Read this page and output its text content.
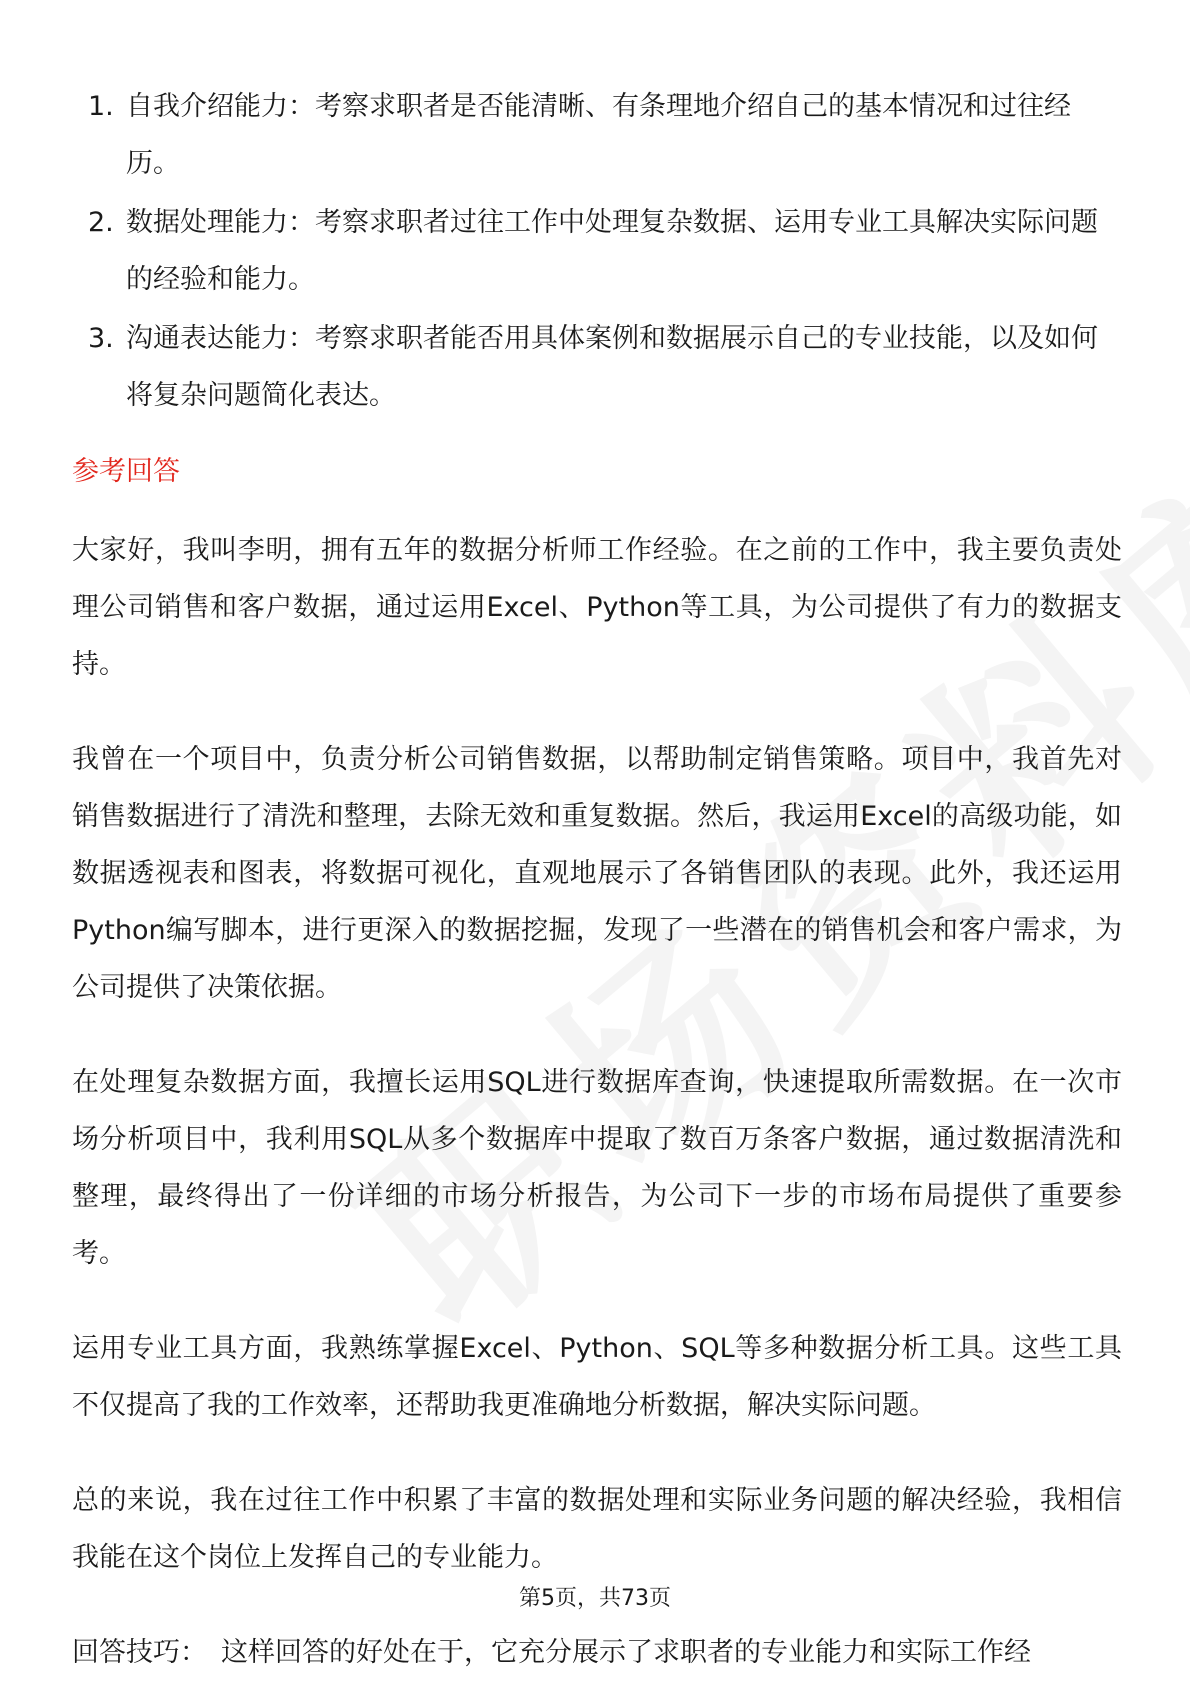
1. 自我介绍能力：考察求职者是否能清晰、有条理地介绍自己的基本情况和过往经历。
2. 数据处理能力：考察求职者过往工作中处理复杂数据、运用专业工具解决实际问题的经验和能力。
3. 沟通表达能力：考察求职者能否用具体案例和数据展示自己的专业技能，以及如何将复杂问题简化表达。
参考回答

大家好，我叫李明，拥有五年的数据分析师工作经验。在之前的工作中，我主要负责处理公司销售和客户数据，通过运用Excel、Python等工具，为公司提供了有力的数据支持。

我曾在一个项目中，负责分析公司销售数据，以帮助制定销售策略。项目中，我首先对销售数据进行了清洗和整理，去除无效和重复数据。然后，我运用Excel的高级功能，如数据透视表和图表，将数据可视化，直观地展示了各销售团队的表现。此外，我还运用Python编写脚本，进行更深入的数据挖掘，发现了一些潜在的销售机会和客户需求，为公司提供了决策依据。

在处理复杂数据方面，我擅长运用SQL进行数据库查询，快速提取所需数据。在一次市场分析项目中，我利用SQL从多个数据库中提取了数百万条客户数据，通过数据清洗和整理，最终得出了一份详细的市场分析报告，为公司下一步的市场布局提供了重要参考。

运用专业工具方面，我熟练掌握Excel、Python、SQL等多种数据分析工具。这些工具不仅提高了我的工作效率，还帮助我更准确地分析数据，解决实际问题。

总的来说，我在过往工作中积累了丰富的数据处理和实际业务问题的解决经验，我相信我能在这个岗位上发挥自己的专业能力。

回答技巧： 这样回答的好处在于，它充分展示了求职者的专业能力和实际工作经

第5页，共73页
